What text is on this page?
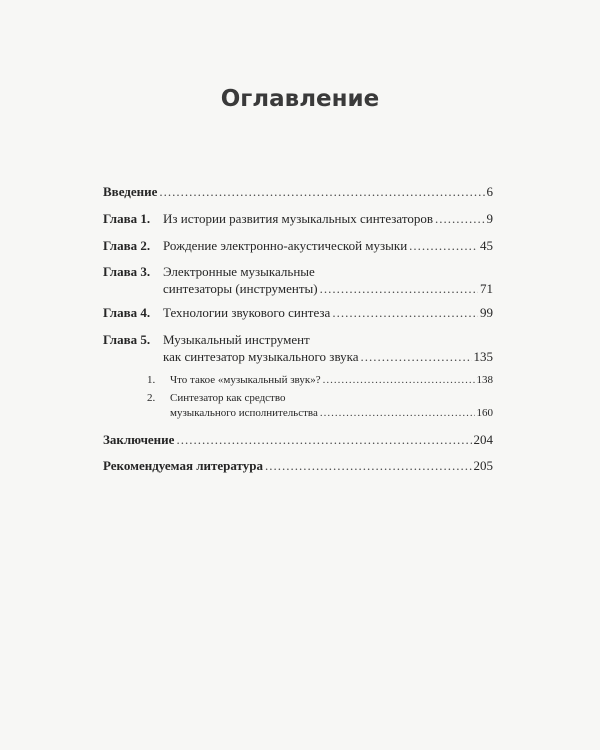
Оглавление
Введение .....	6
Глава 1. Из истории развития музыкальных синтезаторов .....	9
Глава 2. Рождение электронно-акустической музыки .....	45
Глава 3. Электронные музыкальные
синтезаторы (инструменты) .....	71
Глава 4. Технологии звукового синтеза .....	99
Глава 5. Музыкальный инструмент
как синтезатор музыкального звука .....	135
1. Что такое «музыкальный звук»? .....	138
2. Синтезатор как средство
музыкального исполнительства .....	160
Заключение .....	204
Рекомендуемая литература .....	205
